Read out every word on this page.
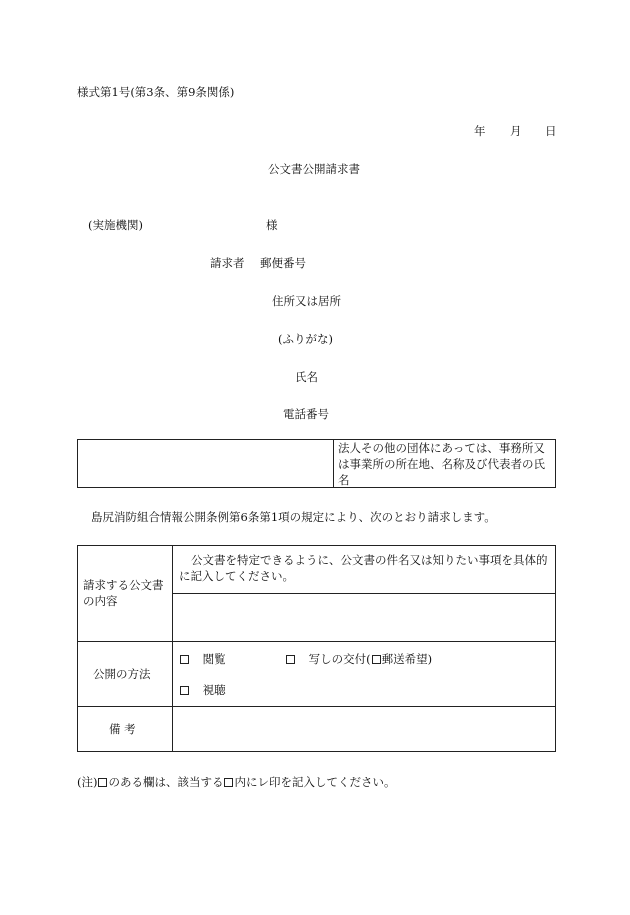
様式第1号(第3条、第9条関係)
年 月 日
公文書公開請求書
(実施機関)	様
請求者 郵便番号
住所又は居所
(ふりがな)
氏名
電話番号
法人その他の団体にあっては、事務所又は事業所の所在地、名称及び代表者の氏名
島尻消防組合情報公開条例第6条第1項の規定により、次のとおり請求します。
請求する公文書の内容
公文書を特定できるように、公文書の件名又は知りたい事項を具体的に記入してください。
公開の方法
閲覧	写しの交付( 郵送希望)
視聴
備 考
(注) のある欄は、該当する 内にレ印を記入してください。
